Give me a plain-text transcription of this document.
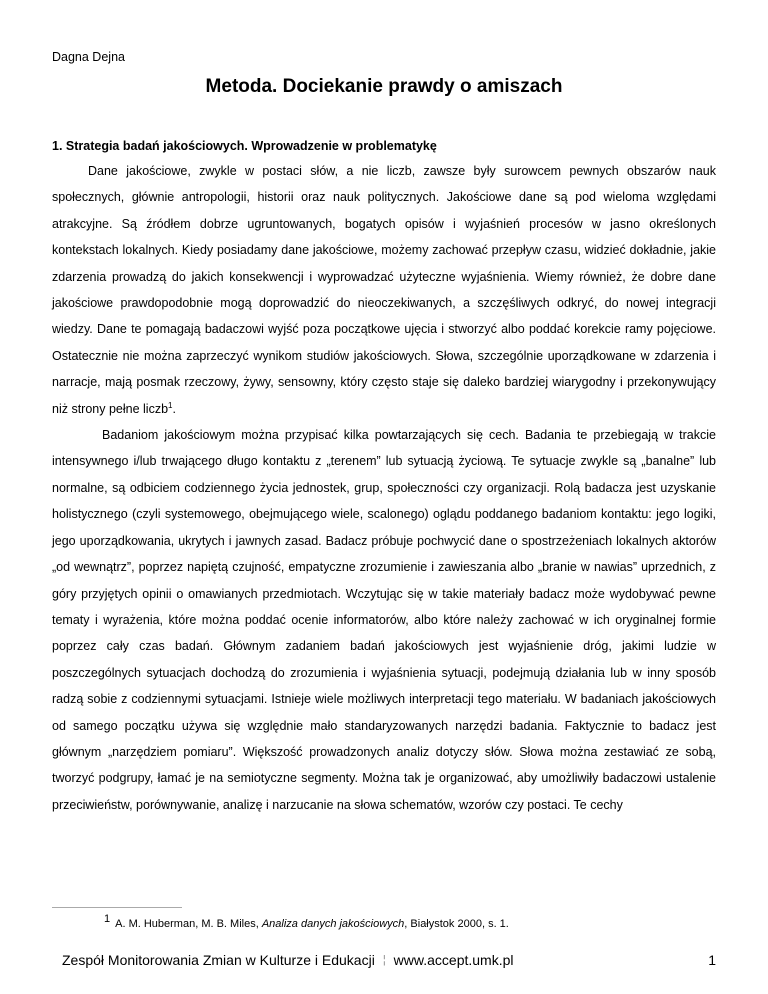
Dagna Dejna
Metoda. Dociekanie prawdy o amiszach
1. Strategia badań jakościowych. Wprowadzenie w problematykę

Dane jakościowe, zwykle w postaci słów, a nie liczb, zawsze były surowcem pewnych obszarów nauk społecznych, głównie antropologii, historii oraz nauk politycznych. Jakościowe dane są pod wieloma względami atrakcyjne. Są źródłem dobrze ugruntowanych, bogatych opisów i wyjaśnień procesów w jasno określonych kontekstach lokalnych. Kiedy posiadamy dane jakościowe, możemy zachować przepływ czasu, widzieć dokładnie, jakie zdarzenia prowadzą do jakich konsekwencji i wyprowadzać użyteczne wyjaśnienia. Wiemy również, że dobre dane jakościowe prawdopodobnie mogą doprowadzić do nieoczekiwanych, a szczęśliwych odkryć, do nowej integracji wiedzy. Dane te pomagają badaczowi wyjść poza początkowe ujęcia i stworzyć albo poddać korekcie ramy pojęciowe. Ostatecznie nie można zaprzeczyć wynikom studiów jakościowych. Słowa, szczególnie uporządkowane w zdarzenia i narracje, mają posmak rzeczowy, żywy, sensowny, który często staje się daleko bardziej wiarygodny i przekonywujący niż strony pełne liczb$^1$.

Badaniom jakościowym można przypisać kilka powtarzających się cech. Badania te przebiegają w trakcie intensywnego i/lub trwającego długo kontaktu z „terenem” lub sytuacją życiową. Te sytuacje zwykle są „banalne” lub normalne, są odbiciem codziennego życia jednostek, grup, społeczności czy organizacji. Rolą badacza jest uzyskanie holistycznego (czyli systemowego, obejmującego wiele, scalonego) oglądu poddanego badaniom kontaktu: jego logiki, jego uporządkowania, ukrytych i jawnych zasad. Badacz próbuje pochwycić dane o spostrzeżeniach lokalnych aktorów „od wewnątrz”, poprzez napiętą czujność, empatyczne zrozumienie i zawieszania albo „branie w nawias” uprzednich, z góry przyjętych opinii o omawianych przedmiotach. Wczytując się w takie materiały badacz może wydobywać pewne tematy i wyrażenia, które można poddać ocenie informatorów, albo które należy zachować w ich oryginalnej formie poprzez cały czas badań. Głównym zadaniem badań jakościowych jest wyjaśnienie dróg, jakimi ludzie w poszczególnych sytuacjach dochodzą do zrozumienia i wyjaśnienia sytuacji, podejmują działania lub w inny sposób radzą sobie z codziennymi sytuacjami. Istnieje wiele możliwych interpretacji tego materiału. W badaniach jakościowych od samego początku używa się względnie mało standaryzowanych narzędzi badania. Faktycznie to badacz jest głównym „narzędziem pomiaru”. Większość prowadzonych analiz dotyczy słów. Słowa można zestawiać ze sobą, tworzyć podgrupy, łamać je na semiotyczne segmenty. Można tak je organizować, aby umożliwiły badaczowi ustalenie przeciwieństw, porównywanie, analizę i narzucanie na słowa schematów, wzorów czy postaci. Te cechy

$^1$ A. M. Huberman, M. B. Miles, Analiza danych jakościowych, Białystok 2000, s. 1.
Zespół Monitorowania Zmian w Kulturze i Edukacji ¦ www.accept.umk.pl	1
